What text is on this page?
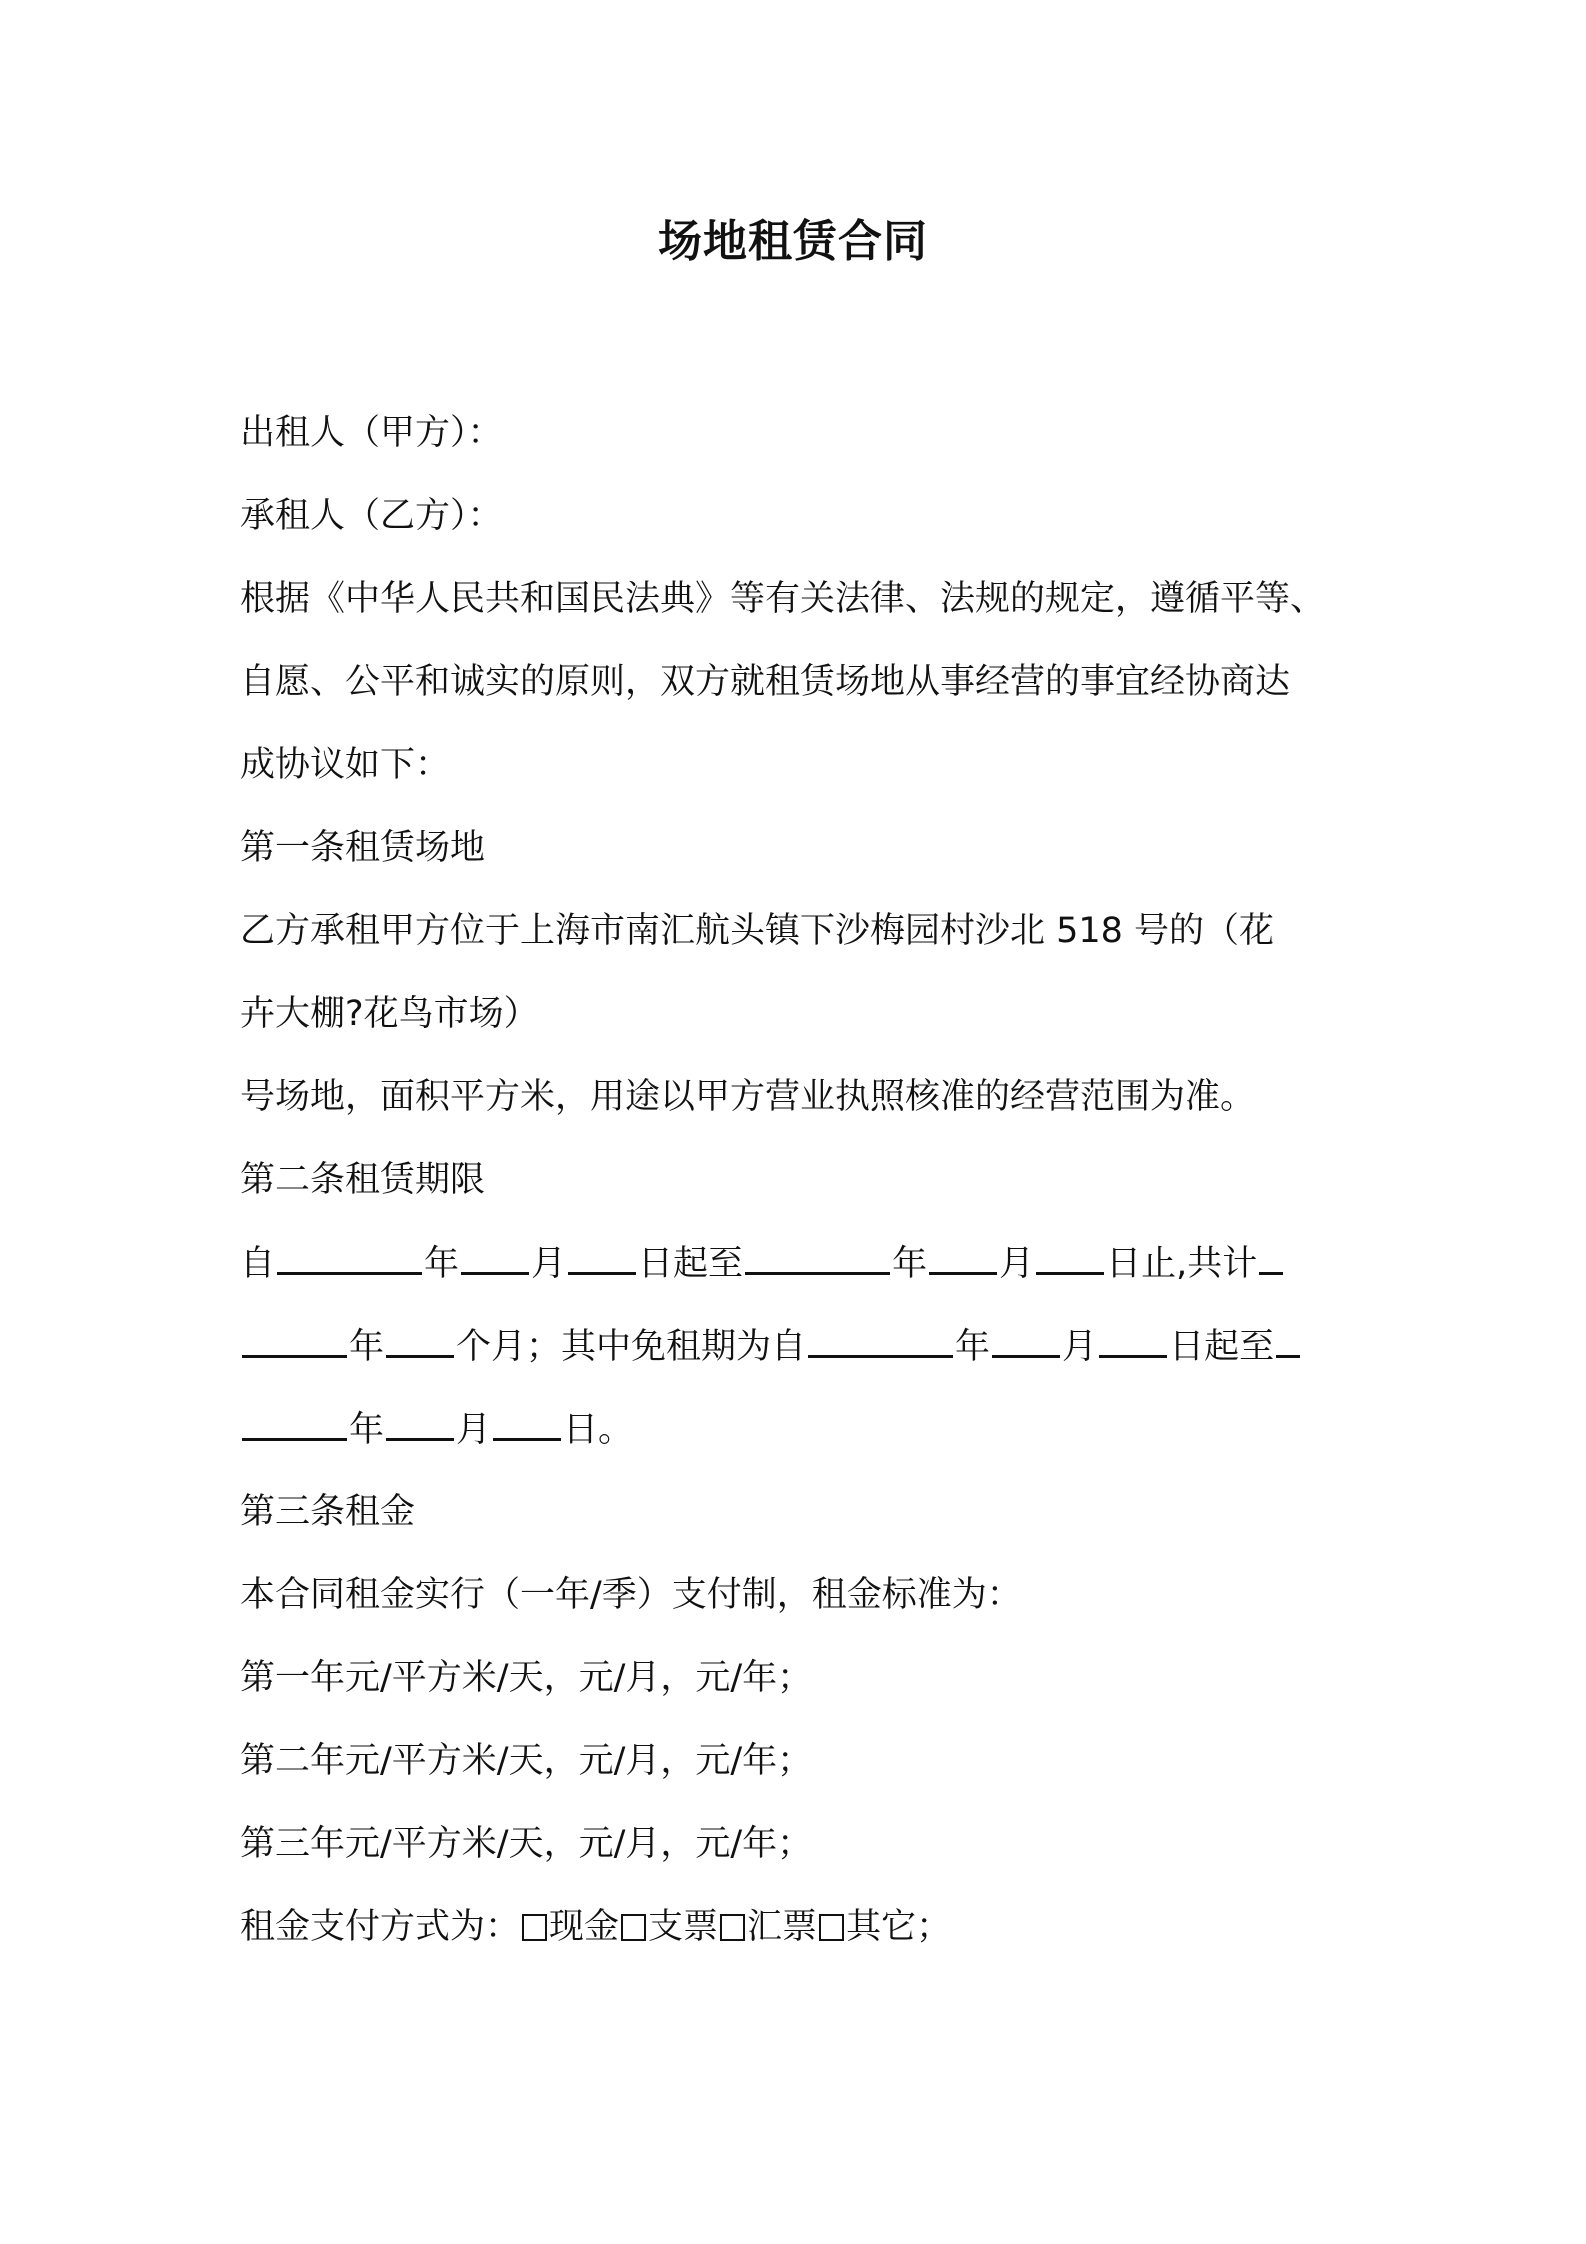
场地租赁合同
出租人（甲方）：
承租人（乙方）：
根据《中华人民共和国民法典》等有关法律、法规的规定，遵循平等、
自愿、公平和诚实的原则，双方就租赁场地从事经营的事宜经协商达
成协议如下：
第一条租赁场地
乙方承租甲方位于上海市南汇航头镇下沙梅园村沙北 518 号的（花
卉大棚?花鸟市场）
号场地，面积平方米，用途以甲方营业执照核准的经营范围为准。
第二条租赁期限
自	年 月 日起至	年 月 日止,共计
年 个月；其中免租期为自	年 月 日起至
年 月 日。
第三条租金
本合同租金实行（一年/季）支付制，租金标准为：
第一年元/平方米/天，元/月，元/年；
第二年元/平方米/天，元/月，元/年；
第三年元/平方米/天，元/月，元/年；
租金支付方式为： 现金 支票 汇票 其它；
